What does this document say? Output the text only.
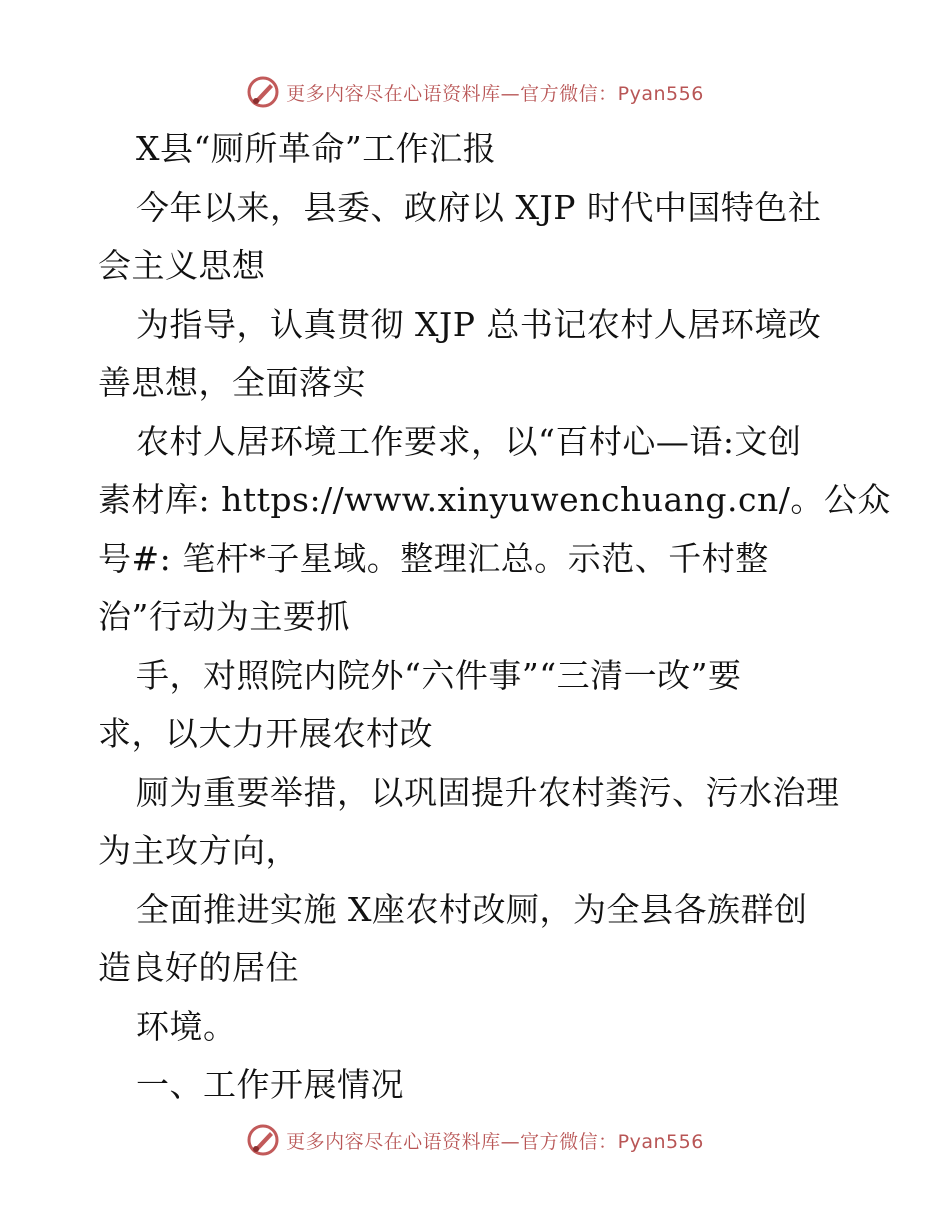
更多内容尽在心语资料库—官方微信：Pyan556
X县“厕所革命”工作汇报
今年以来，县委、政府以 XJP 时代中国特色社
会主义思想
为指导，认真贯彻 XJP 总书记农村人居环境改
善思想，全面落实
农村人居环境工作要求，以“百村心—语:文创
素材库: https://www.xinyuwenchuang.cn/。公众
号#: 笔杆*子星域。整理汇总。示范、千村整
治”行动为主要抓
手，对照院内院外“六件事”“三清一改”要
求，以大力开展农村改
厕为重要举措，以巩固提升农村粪污、污水治理
为主攻方向，
全面推进实施 X座农村改厕，为全县各族群创
造良好的居住
环境。
一、工作开展情况
更多内容尽在心语资料库—官方微信：Pyan556
